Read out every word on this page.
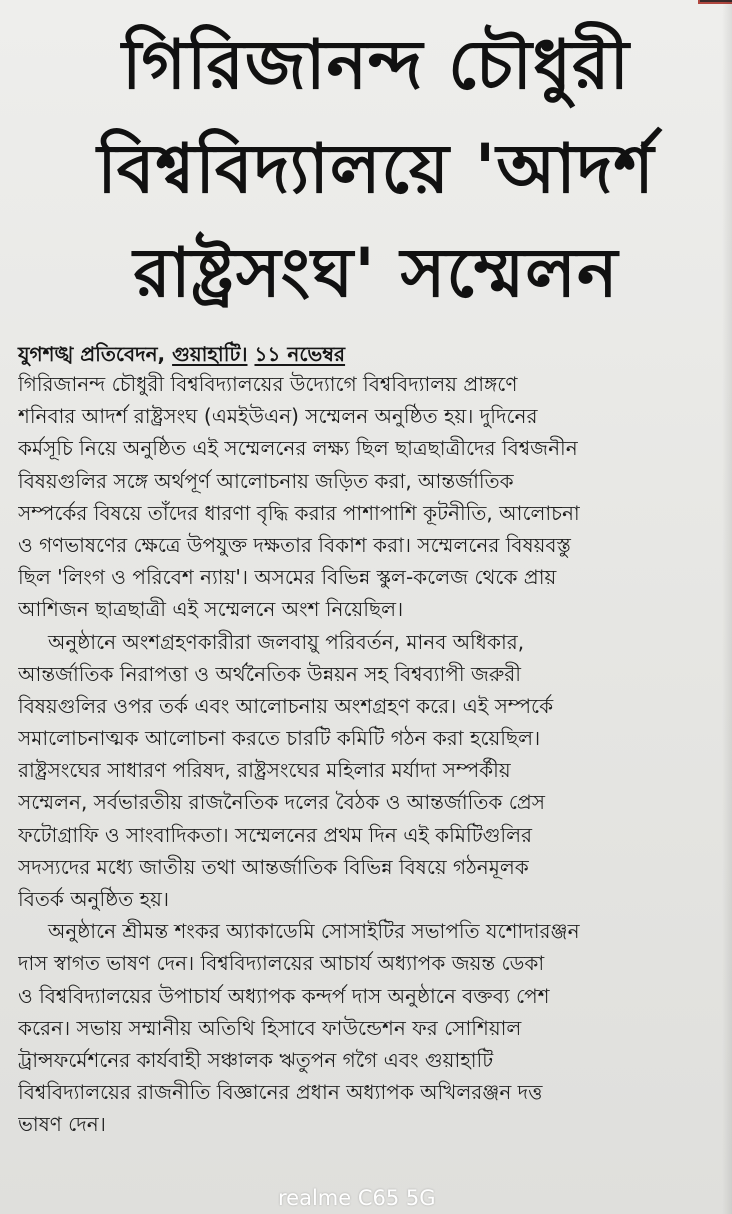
গিরিজানন্দ চৌধুরী
বিশ্ববিদ্যালয়ে 'আদর্শ
রাষ্ট্রসংঘ' সম্মেলন
যুগশঙ্খ প্রতিবেদন, গুয়াহাটি। ১১ নভেম্বর
গিরিজানন্দ চৌধুরী বিশ্ববিদ্যালয়ের উদ্যোগে বিশ্ববিদ্যালয় প্রাঙ্গণে
শনিবার আদর্শ রাষ্ট্রসংঘ (এমইউএন) সম্মেলন অনুষ্ঠিত হয়। দুদিনের
কর্মসূচি নিয়ে অনুষ্ঠিত এই সম্মেলনের লক্ষ্য ছিল ছাত্রছাত্রীদের বিশ্বজনীন
বিষয়গুলির সঙ্গে অর্থপূর্ণ আলোচনায় জড়িত করা, আন্তর্জাতিক
সম্পর্কের বিষয়ে তাঁদের ধারণা বৃদ্ধি করার পাশাপাশি কূটনীতি, আলোচনা
ও গণভাষণের ক্ষেত্রে উপযুক্ত দক্ষতার বিকাশ করা। সম্মেলনের বিষয়বস্তু
ছিল 'লিংগ ও পরিবেশ ন্যায়'। অসমের বিভিন্ন স্কুল-কলেজ থেকে প্রায়
আশিজন ছাত্রছাত্রী এই সম্মেলনে অংশ নিয়েছিল।
অনুষ্ঠানে অংশগ্রহণকারীরা জলবায়ু পরিবর্তন, মানব অধিকার,
আন্তর্জাতিক নিরাপত্তা ও অর্থনৈতিক উন্নয়ন সহ বিশ্বব্যাপী জরুরী
বিষয়গুলির ওপর তর্ক এবং আলোচনায় অংশগ্রহণ করে। এই সম্পর্কে
সমালোচনাত্মক আলোচনা করতে চারটি কমিটি গঠন করা হয়েছিল।
রাষ্ট্রসংঘের সাধারণ পরিষদ, রাষ্ট্রসংঘের মহিলার মর্যাদা সম্পর্কীয়
সম্মেলন, সর্বভারতীয় রাজনৈতিক দলের বৈঠক ও আন্তর্জাতিক প্রেস
ফটোগ্রাফি ও সাংবাদিকতা। সম্মেলনের প্রথম দিন এই কমিটিগুলির
সদস্যদের মধ্যে জাতীয় তথা আন্তর্জাতিক বিভিন্ন বিষয়ে গঠনমূলক
বিতর্ক অনুষ্ঠিত হয়।
অনুষ্ঠানে শ্রীমন্ত শংকর অ্যাকাডেমি সোসাইটির সভাপতি যশোদারঞ্জন
দাস স্বাগত ভাষণ দেন। বিশ্ববিদ্যালয়ের আচার্য অধ্যাপক জয়ন্ত ডেকা
ও বিশ্ববিদ্যালয়ের উপাচার্য অধ্যাপক কন্দর্প দাস অনুষ্ঠানে বক্তব্য পেশ
করেন। সভায় সম্মানীয় অতিথি হিসাবে ফাউন্ডেশন ফর সোশিয়াল
ট্রান্সফর্মেশনের কার্যবাহী সঞ্চালক ঋতুপন গগৈ এবং গুয়াহাটি
বিশ্ববিদ্যালয়ের রাজনীতি বিজ্ঞানের প্রধান অধ্যাপক অখিলরঞ্জন দত্ত
ভাষণ দেন।
realme C65 5G
